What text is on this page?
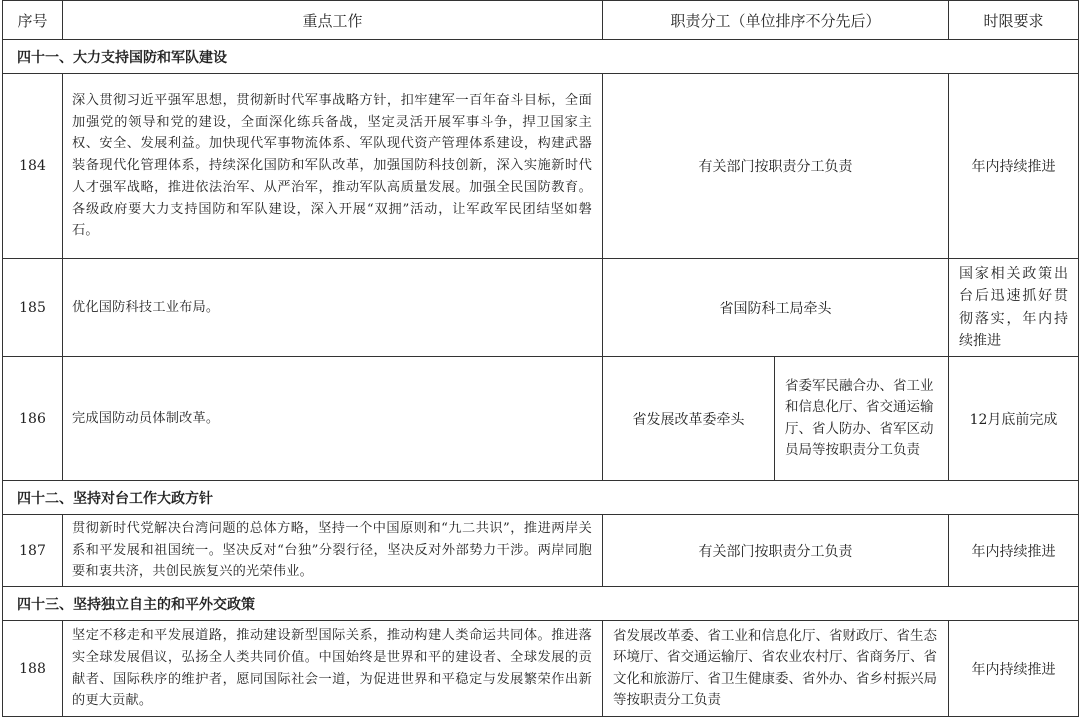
序号	重点工作	职责分工（单位排序不分先后）		时限要求
四十一、大力支持国防和军队建设				
184	深入贯彻习近平强军思想，贯彻新时代军事战略方针，扣牢建军一百年奋斗目标，全面加强党的领导和党的建设，全面深化练兵备战，坚定灵活开展军事斗争，捍卫国家主权、安全、发展利益。加快现代军事物流体系、军队现代资产管理体系建设，构建武器装备现代化管理体系，持续深化国防和军队改革，加强国防科技创新，深入实施新时代人才强军战略，推进依法治军、从严治军，推动军队高质量发展。加强全民国防教育。各级政府要大力支持国防和军队建设，深入开展“双拥”活动，让军政军民团结坚如磐石。	有关部门按职责分工负责		年内持续推进
185	优化国防科技工业布局。	省国防科工局牵头		国家相关政策出台后迅速抓好贯彻落实，年内持续推进
186	完成国防动员体制改革。	省发展改革委牵头	省委军民融合办、省工业和信息化厅、省交通运输厅、省人防办、省军区动员局等按职责分工负责	12月底前完成
四十二、坚持对台工作大政方针				
187	贯彻新时代党解决台湾问题的总体方略，坚持一个中国原则和“九二共识”，推进两岸关系和平发展和祖国统一。坚决反对“台独”分裂行径，坚决反对外部势力干涉。两岸同胞要和衷共济，共创民族复兴的光荣伟业。	有关部门按职责分工负责		年内持续推进
四十三、坚持独立自主的和平外交政策				
188	坚定不移走和平发展道路，推动建设新型国际关系，推动构建人类命运共同体。推进落实全球发展倡议，弘扬全人类共同价值。中国始终是世界和平的建设者、全球发展的贡献者、国际秩序的维护者，愿同国际社会一道，为促进世界和平稳定与发展繁荣作出新的更大贡献。	省发展改革委、省工业和信息化厅、省财政厅、省生态环境厅、省交通运输厅、省农业农村厅、省商务厅、省文化和旅游厅、省卫生健康委、省外办、省乡村振兴局等按职责分工负责		年内持续推进
